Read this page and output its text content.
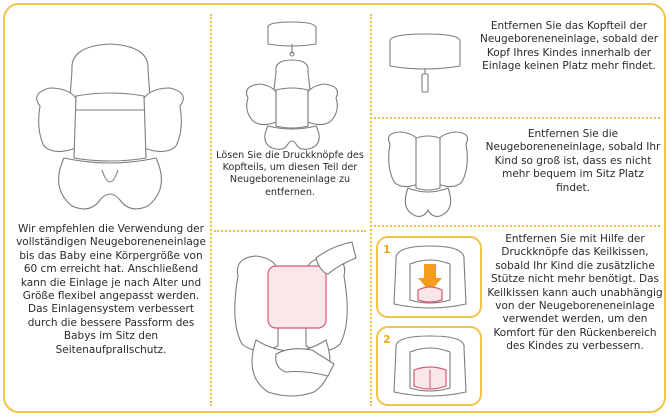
Wir empfehlen die Verwendung der vollständigen Neugeboreneneinlage bis das Baby eine Körpergröße von 60 cm erreicht hat. Anschließend kann die Einlage je nach Alter und Größe flexibel angepasst werden. Das Einlagensystem verbessert durch die bessere Passform des Babys im Sitz den Seitenaufprallschutz.
Lösen Sie die Druckknöpfe des Kopfteils, um diesen Teil der Neugeboreneneinlage zu entfernen.
Entfernen Sie das Kopfteil der Neugeboreneneinlage, sobald der Kopf Ihres Kindes innerhalb der Einlage keinen Platz mehr findet.
Entfernen Sie die Neugeboreneneinlage, sobald Ihr Kind so groß ist, dass es nicht mehr bequem im Sitz Platz findet.
1
2
Entfernen Sie mit Hilfe der Druckknöpfe das Keilkissen, sobald Ihr Kind die zusätzliche Stütze nicht mehr benötigt. Das Keilkissen kann auch unabhängig von der Neugeboreneneinlage verwendet werden, um den Komfort für den Rückenbereich des Kindes zu verbessern.
